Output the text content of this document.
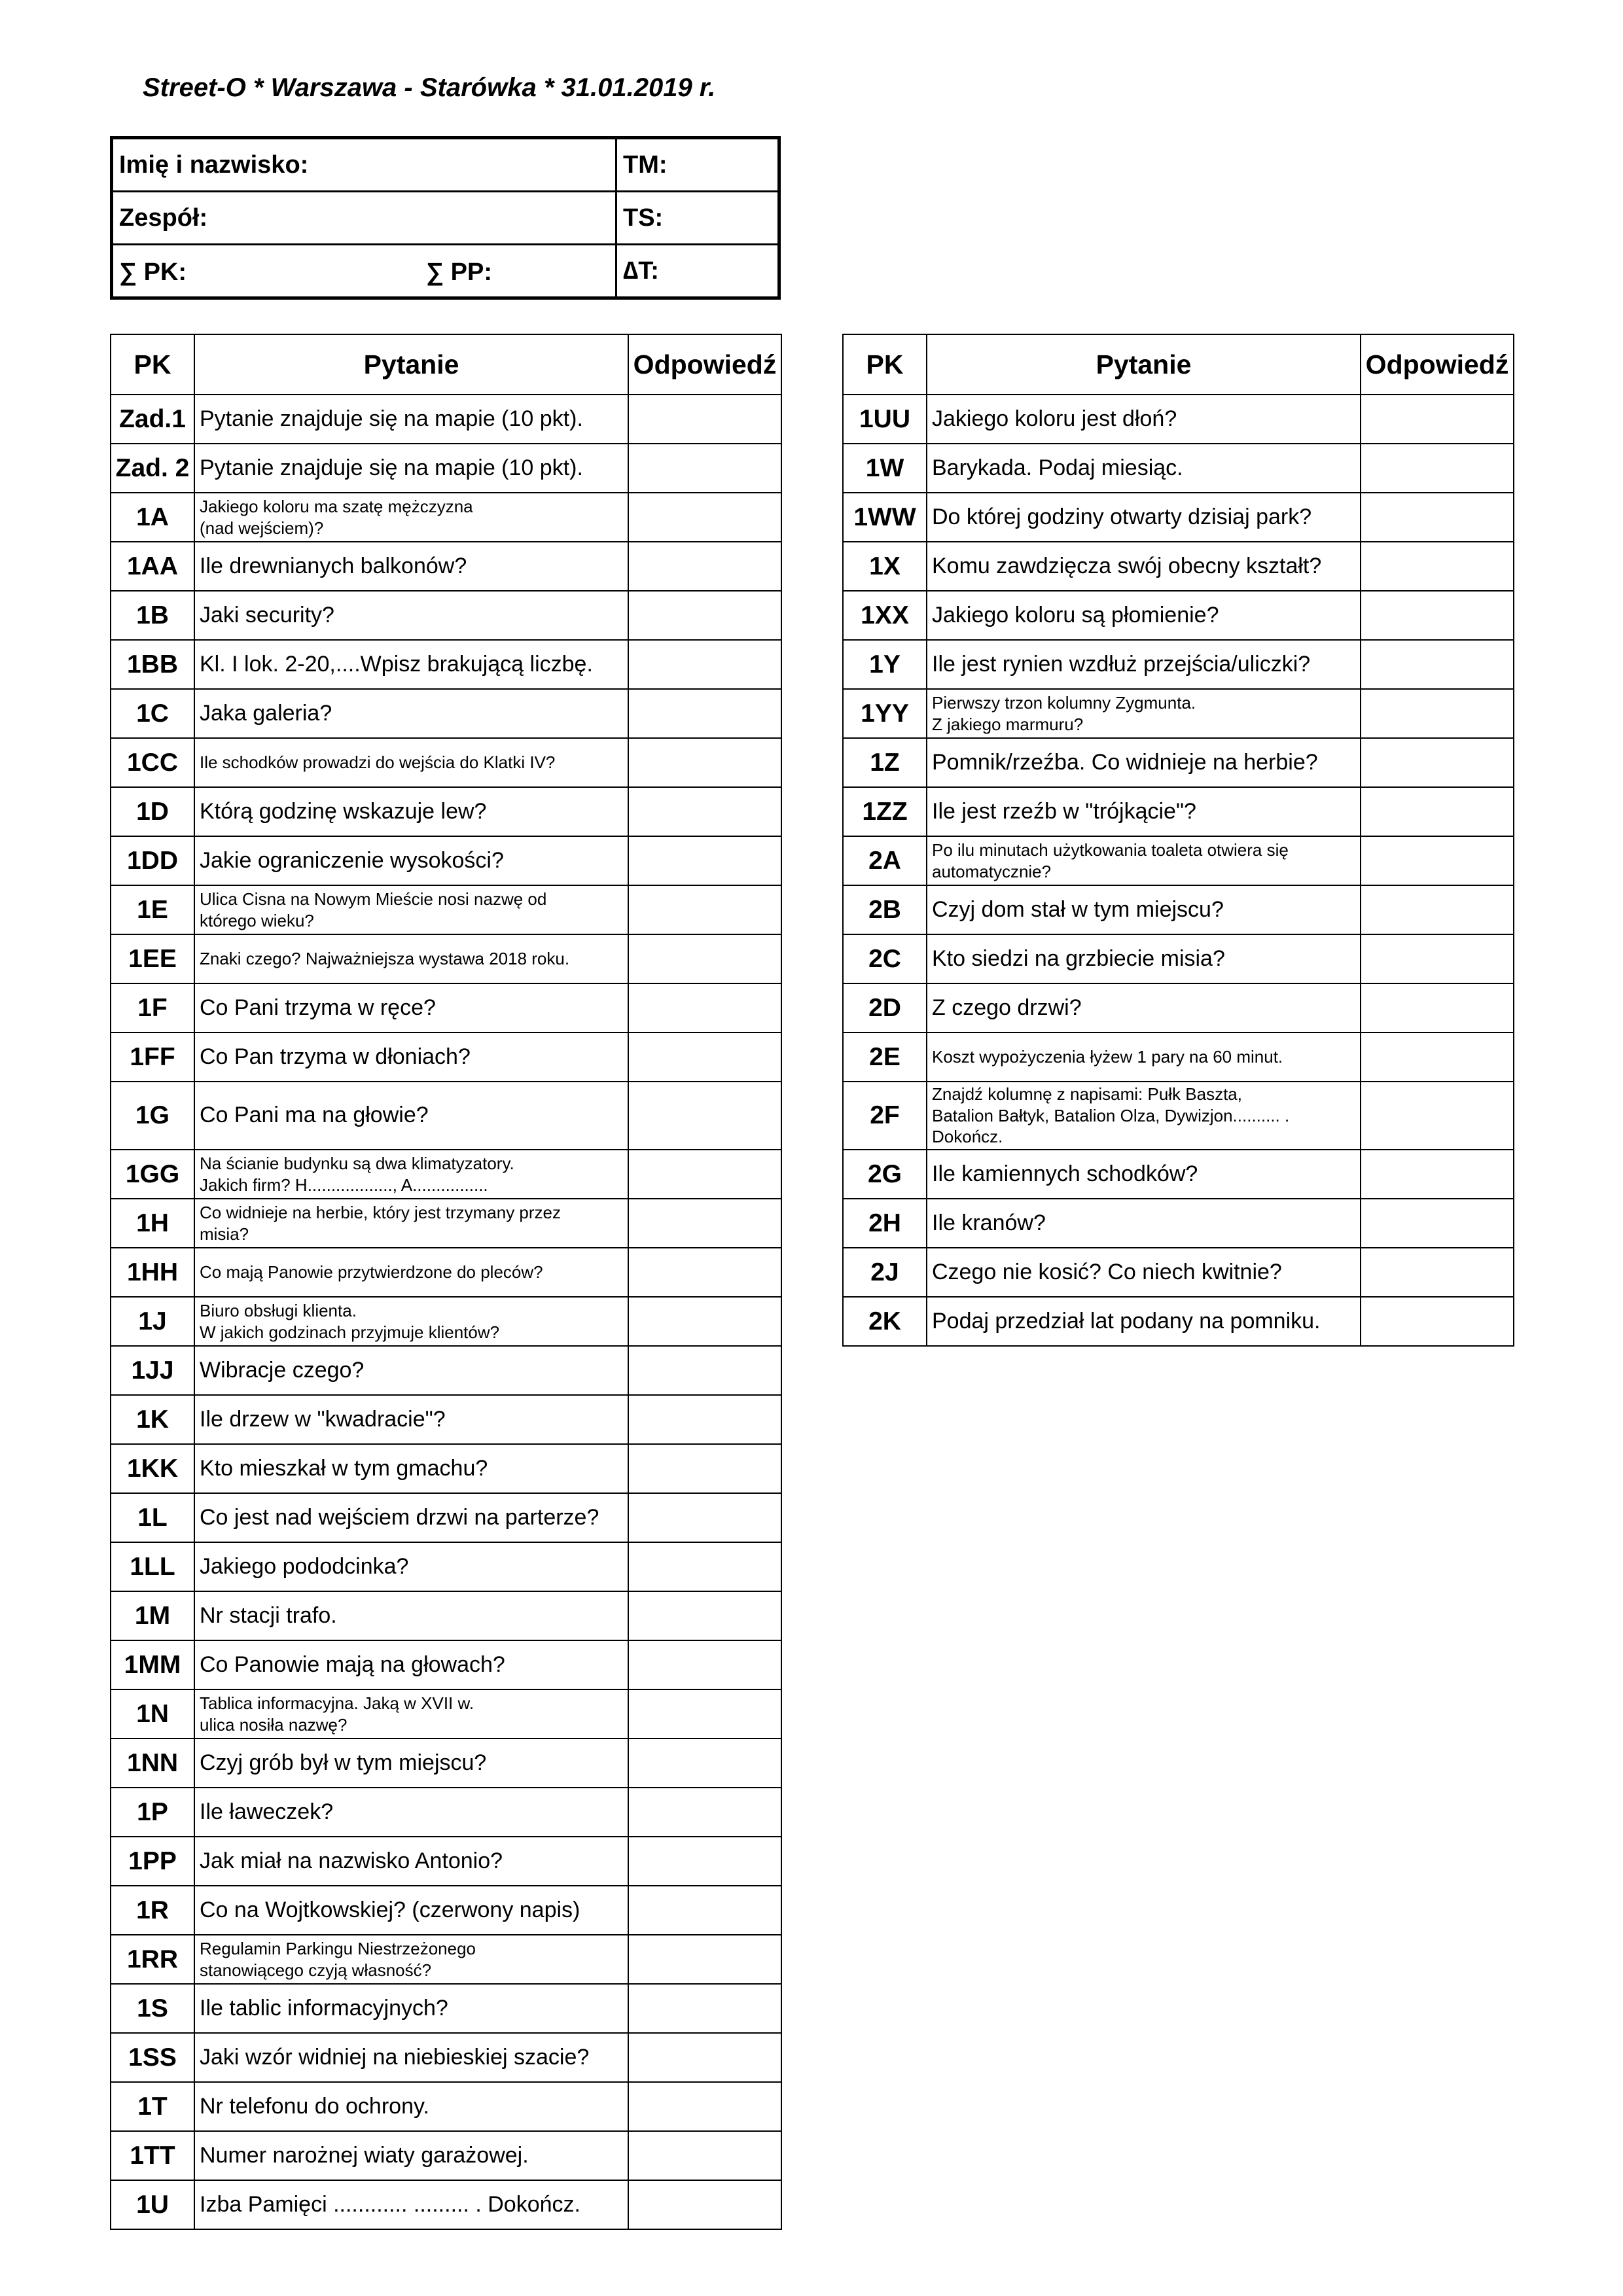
Street-O * Warszawa - Starówka * 31.01.2019 r.
Imię i nazwisko:	TM:
Zespół:	TS:

∑ PK: ∑ PP:	∆T:
PK	Pytanie	Odpowiedź
Zad.1	Pytanie znajduje się na mapie (10 pkt).	
Zad. 2	Pytanie znajduje się na mapie (10 pkt).	
1A	Jakiego koloru ma szatę mężczyzna
(nad wejściem)?	
1AA	Ile drewnianych balkonów?	
1B	Jaki security?	
1BB	Kl. I lok. 2-20,....Wpisz brakującą liczbę.	
1C	Jaka galeria?	
1CC	Ile schodków prowadzi do wejścia do Klatki IV?	
1D	Którą godzinę wskazuje lew?	
1DD	Jakie ograniczenie wysokości?	
1E	Ulica Cisna na Nowym Mieście nosi nazwę od
którego wieku?	
1EE	Znaki czego? Najważniejsza wystawa 2018 roku.	
1F	Co Pani trzyma w ręce?	
1FF	Co Pan trzyma w dłoniach?	
1G	Co Pani ma na głowie?	
1GG	Na ścianie budynku są dwa klimatyzatory.
Jakich firm? H.................., A................	
1H	Co widnieje na herbie, który jest trzymany przez
misia?	
1HH	Co mają Panowie przytwierdzone do pleców?	
1J	Biuro obsługi klienta.
W jakich godzinach przyjmuje klientów?	
1JJ	Wibracje czego?	
1K	Ile drzew w "kwadracie"?	
1KK	Kto mieszkał w tym gmachu?	
1L	Co jest nad wejściem drzwi na parterze?	
1LL	Jakiego pododcinka?	
1M	Nr stacji trafo.	
1MM	Co Panowie mają na głowach?	
1N	Tablica informacyjna. Jaką w XVII w.
ulica nosiła nazwę?	
1NN	Czyj grób był w tym miejscu?	
1P	Ile ławeczek?	
1PP	Jak miał na nazwisko Antonio?	
1R	Co na Wojtkowskiej? (czerwony napis)	
1RR	Regulamin Parkingu Niestrzeżonego
stanowiącego czyją własność?	
1S	Ile tablic informacyjnych?	
1SS	Jaki wzór widniej na niebieskiej szacie?	
1T	Nr telefonu do ochrony.	
1TT	Numer narożnej wiaty garażowej.	
1U	Izba Pamięci ............ ......... . Dokończ.	
PK	Pytanie	Odpowiedź
1UU	Jakiego koloru jest dłoń?	
1W	Barykada. Podaj miesiąc.	
1WW	Do której godziny otwarty dzisiaj park?	
1X	Komu zawdzięcza swój obecny kształt?	
1XX	Jakiego koloru są płomienie?	
1Y	Ile jest rynien wzdłuż przejścia/uliczki?	
1YY	Pierwszy trzon kolumny Zygmunta.
Z jakiego marmuru?	
1Z	Pomnik/rzeźba. Co widnieje na herbie?	
1ZZ	Ile jest rzeźb w "trójkącie"?	
2A	Po ilu minutach użytkowania toaleta otwiera się
automatycznie?	
2B	Czyj dom stał w tym miejscu?	
2C	Kto siedzi na grzbiecie misia?	
2D	Z czego drzwi?	
2E	Koszt wypożyczenia łyżew 1 pary na 60 minut.	
2F	Znajdź kolumnę z napisami: Pułk Baszta,
Batalion Bałtyk, Batalion Olza, Dywizjon.......... .
Dokończ.	
2G	Ile kamiennych schodków?	
2H	Ile kranów?	
2J	Czego nie kosić? Co niech kwitnie?	
2K	Podaj przedział lat podany na pomniku.	
